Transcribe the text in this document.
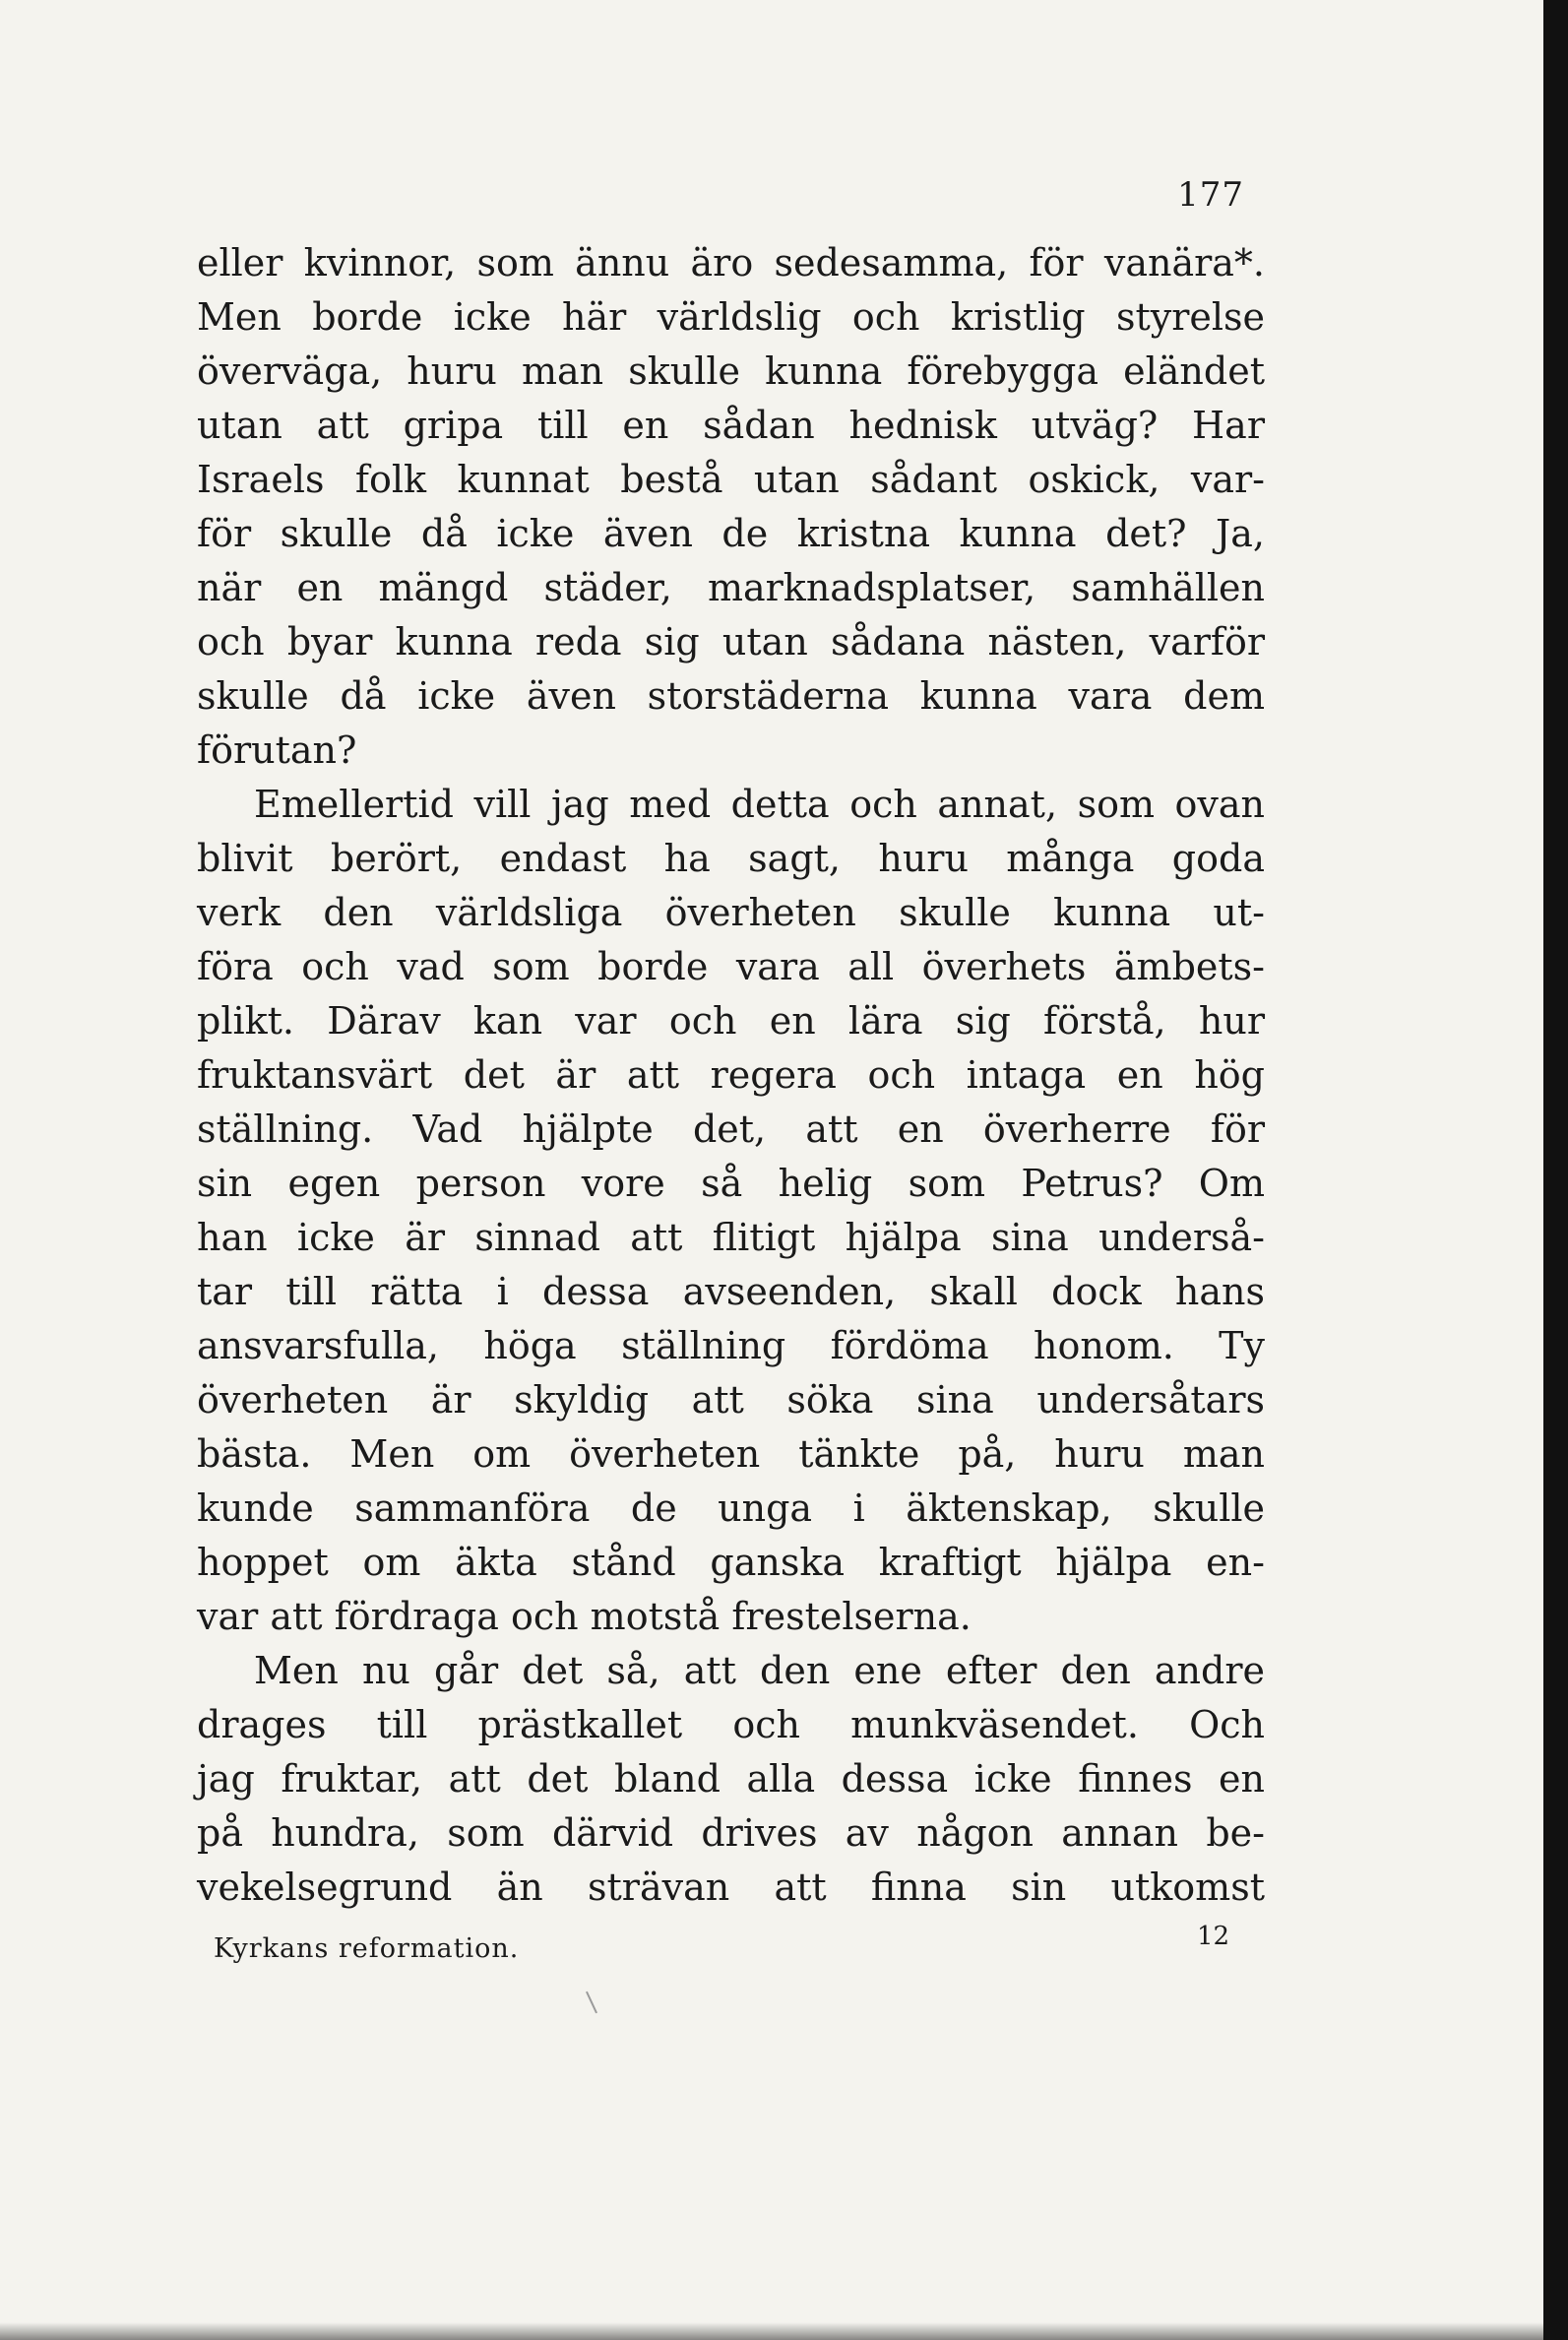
177
eller kvinnor, som ännu äro sedesamma, för vanära*.
Men borde icke här världslig och kristlig styrelse
överväga, huru man skulle kunna förebygga eländet
utan att gripa till en sådan hednisk utväg? Har
Israels folk kunnat bestå utan sådant oskick, var-
för skulle då icke även de kristna kunna det? Ja,
när en mängd städer, marknadsplatser, samhällen
och byar kunna reda sig utan sådana nästen, varför
skulle då icke även storstäderna kunna vara dem
förutan?
Emellertid vill jag med detta och annat, som ovan
blivit berört, endast ha sagt, huru många goda
verk den världsliga överheten skulle kunna ut-
föra och vad som borde vara all överhets ämbets-
plikt. Därav kan var och en lära sig förstå, hur
fruktansvärt det är att regera och intaga en hög
ställning. Vad hjälpte det, att en överherre för
sin egen person vore så helig som Petrus? Om
han icke är sinnad att flitigt hjälpa sina underså-
tar till rätta i dessa avseenden, skall dock hans
ansvarsfulla, höga ställning fördöma honom. Ty
överheten är skyldig att söka sina undersåtars
bästa. Men om överheten tänkte på, huru man
kunde sammanföra de unga i äktenskap, skulle
hoppet om äkta stånd ganska kraftigt hjälpa en-
var att fördraga och motstå frestelserna.
Men nu går det så, att den ene efter den andre
drages till prästkallet och munkväsendet. Och
jag fruktar, att det bland alla dessa icke finnes en
på hundra, som därvid drives av någon annan be-
vekelsegrund än strävan att finna sin utkomst
Kyrkans reformation.	12
